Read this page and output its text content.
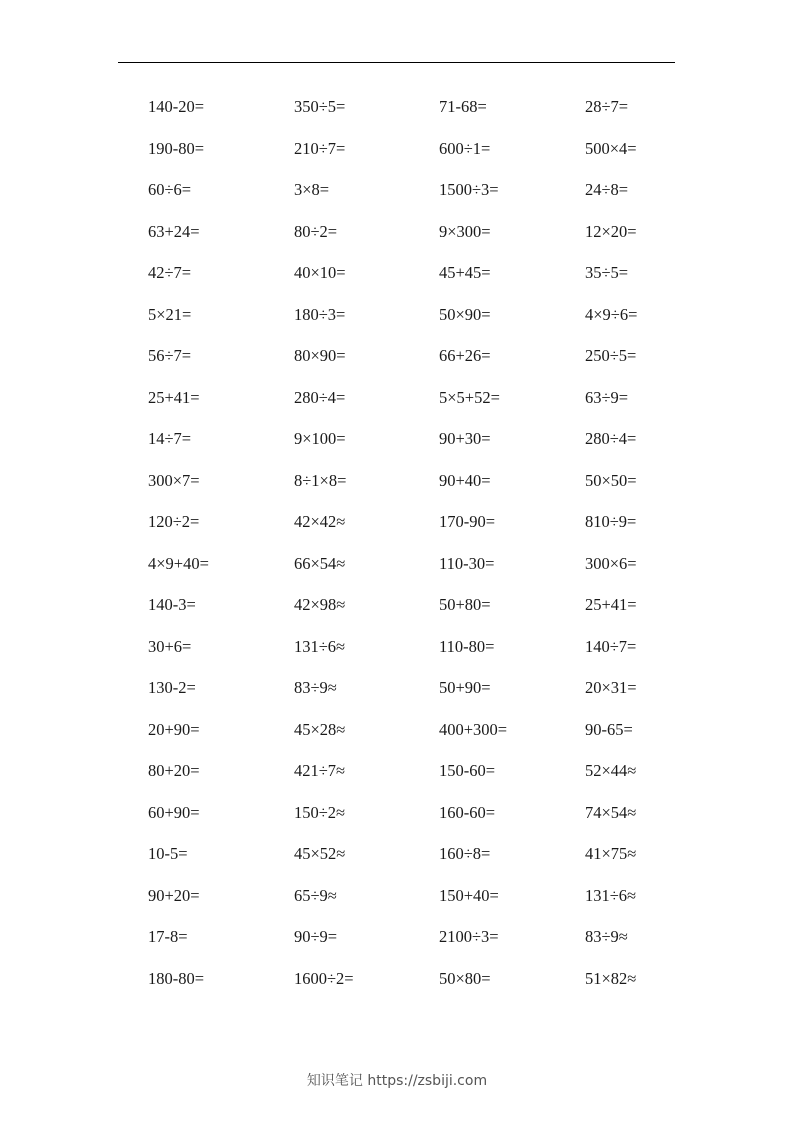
140-20=	350÷5=	71-68=	28÷7=
190-80=	210÷7=	600÷1=	500×4=
60÷6=	3×8=	1500÷3=	24÷8=
63+24=	80÷2=	9×300=	12×20=
42÷7=	40×10=	45+45=	35÷5=
5×21=	180÷3=	50×90=	4×9÷6=
56÷7=	80×90=	66+26=	250÷5=
25+41=	280÷4=	5×5+52=	63÷9=
14÷7=	9×100=	90+30=	280÷4=
300×7=	8÷1×8=	90+40=	50×50=
120÷2=	42×42≈	170-90=	810÷9=
4×9+40=	66×54≈	110-30=	300×6=
140-3=	42×98≈	50+80=	25+41=
30+6=	131÷6≈	110-80=	140÷7=
130-2=	83÷9≈	50+90=	20×31=
20+90=	45×28≈	400+300=	90-65=
80+20=	421÷7≈	150-60=	52×44≈
60+90=	150÷2≈	160-60=	74×54≈
10-5=	45×52≈	160÷8=	41×75≈
90+20=	65÷9≈	150+40=	131÷6≈
17-8=	90÷9=	2100÷3=	83÷9≈
180-80=	1600÷2=	50×80=	51×82≈
知识笔记 https://zsbiji.com
